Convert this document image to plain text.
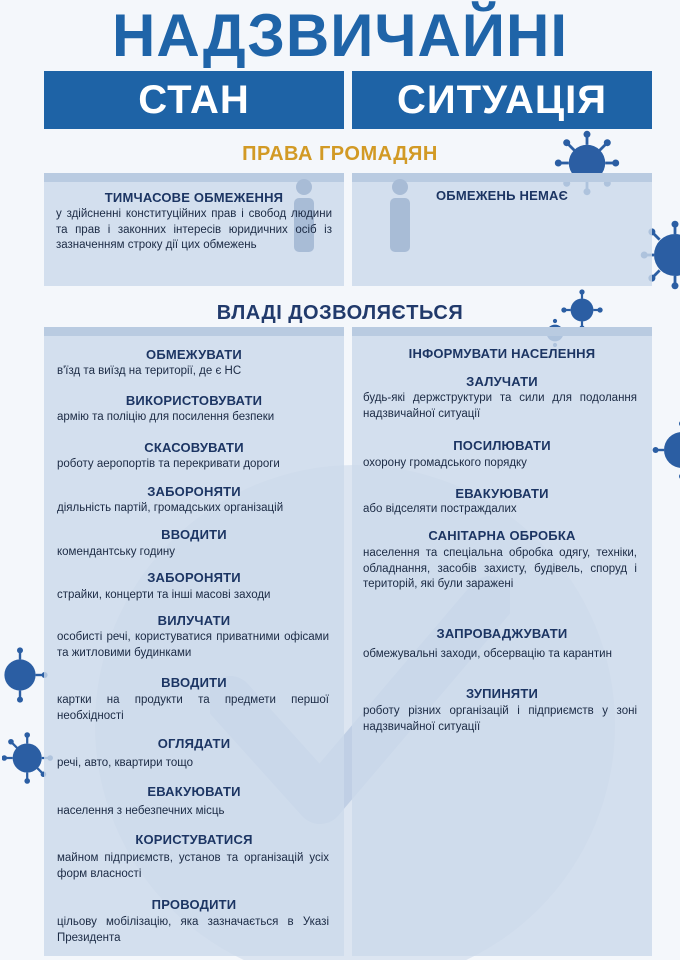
НАДЗВИЧАЙНІ
СТАН	СИТУАЦІЯ
ПРАВА ГРОМАДЯН
ТИМЧАСОВЕ ОБМЕЖЕННЯ
у здійсненні конституційних прав і свобод людини та прав і законних інтересів юридичних осіб із зазначенням строку дії цих обмежень
ОБМЕЖЕНЬ НЕМАЄ
ВЛАДІ ДОЗВОЛЯЄТЬСЯ
ОБМЕЖУВАТИ
в'їзд та виїзд на території, де є НС
ВИКОРИСТОВУВАТИ
армію та поліцію для посилення безпеки
СКАСОВУВАТИ
роботу аеропортів та перекривати дороги
ЗАБОРОНЯТИ
діяльність партій, громадських організацій
ВВОДИТИ
комендантську годину
ЗАБОРОНЯТИ
страйки, концерти та інші масові заходи
ВИЛУЧАТИ
особисті речі, користуватися приватними офісами та житловими будинками
ВВОДИТИ
картки на продукти та предмети першої необхідності
ОГЛЯДАТИ
речі, авто, квартири тощо
ЕВАКУЮВАТИ
населення з небезпечних місць
КОРИСТУВАТИСЯ
майном підприємств, установ та організацій усіх форм власності
ПРОВОДИТИ
цільову мобілізацію, яка зазначається в Указі Президента
ІНФОРМУВАТИ НАСЕЛЕННЯ
ЗАЛУЧАТИ
будь-які держструктури та сили для подолання надзвичайної ситуації
ПОСИЛЮВАТИ
охорону громадського порядку
ЕВАКУЮВАТИ
або відселяти постраждалих
САНІТАРНА ОБРОБКА
населення та спеціальна обробка одягу, техніки, обладнання, засобів захисту, будівель, споруд і територій, які були заражені
ЗАПРОВАДЖУВАТИ
обмежувальні заходи, обсервацію та карантин
ЗУПИНЯТИ
роботу різних організацій і підприємств у зоні надзвичайної ситуації
